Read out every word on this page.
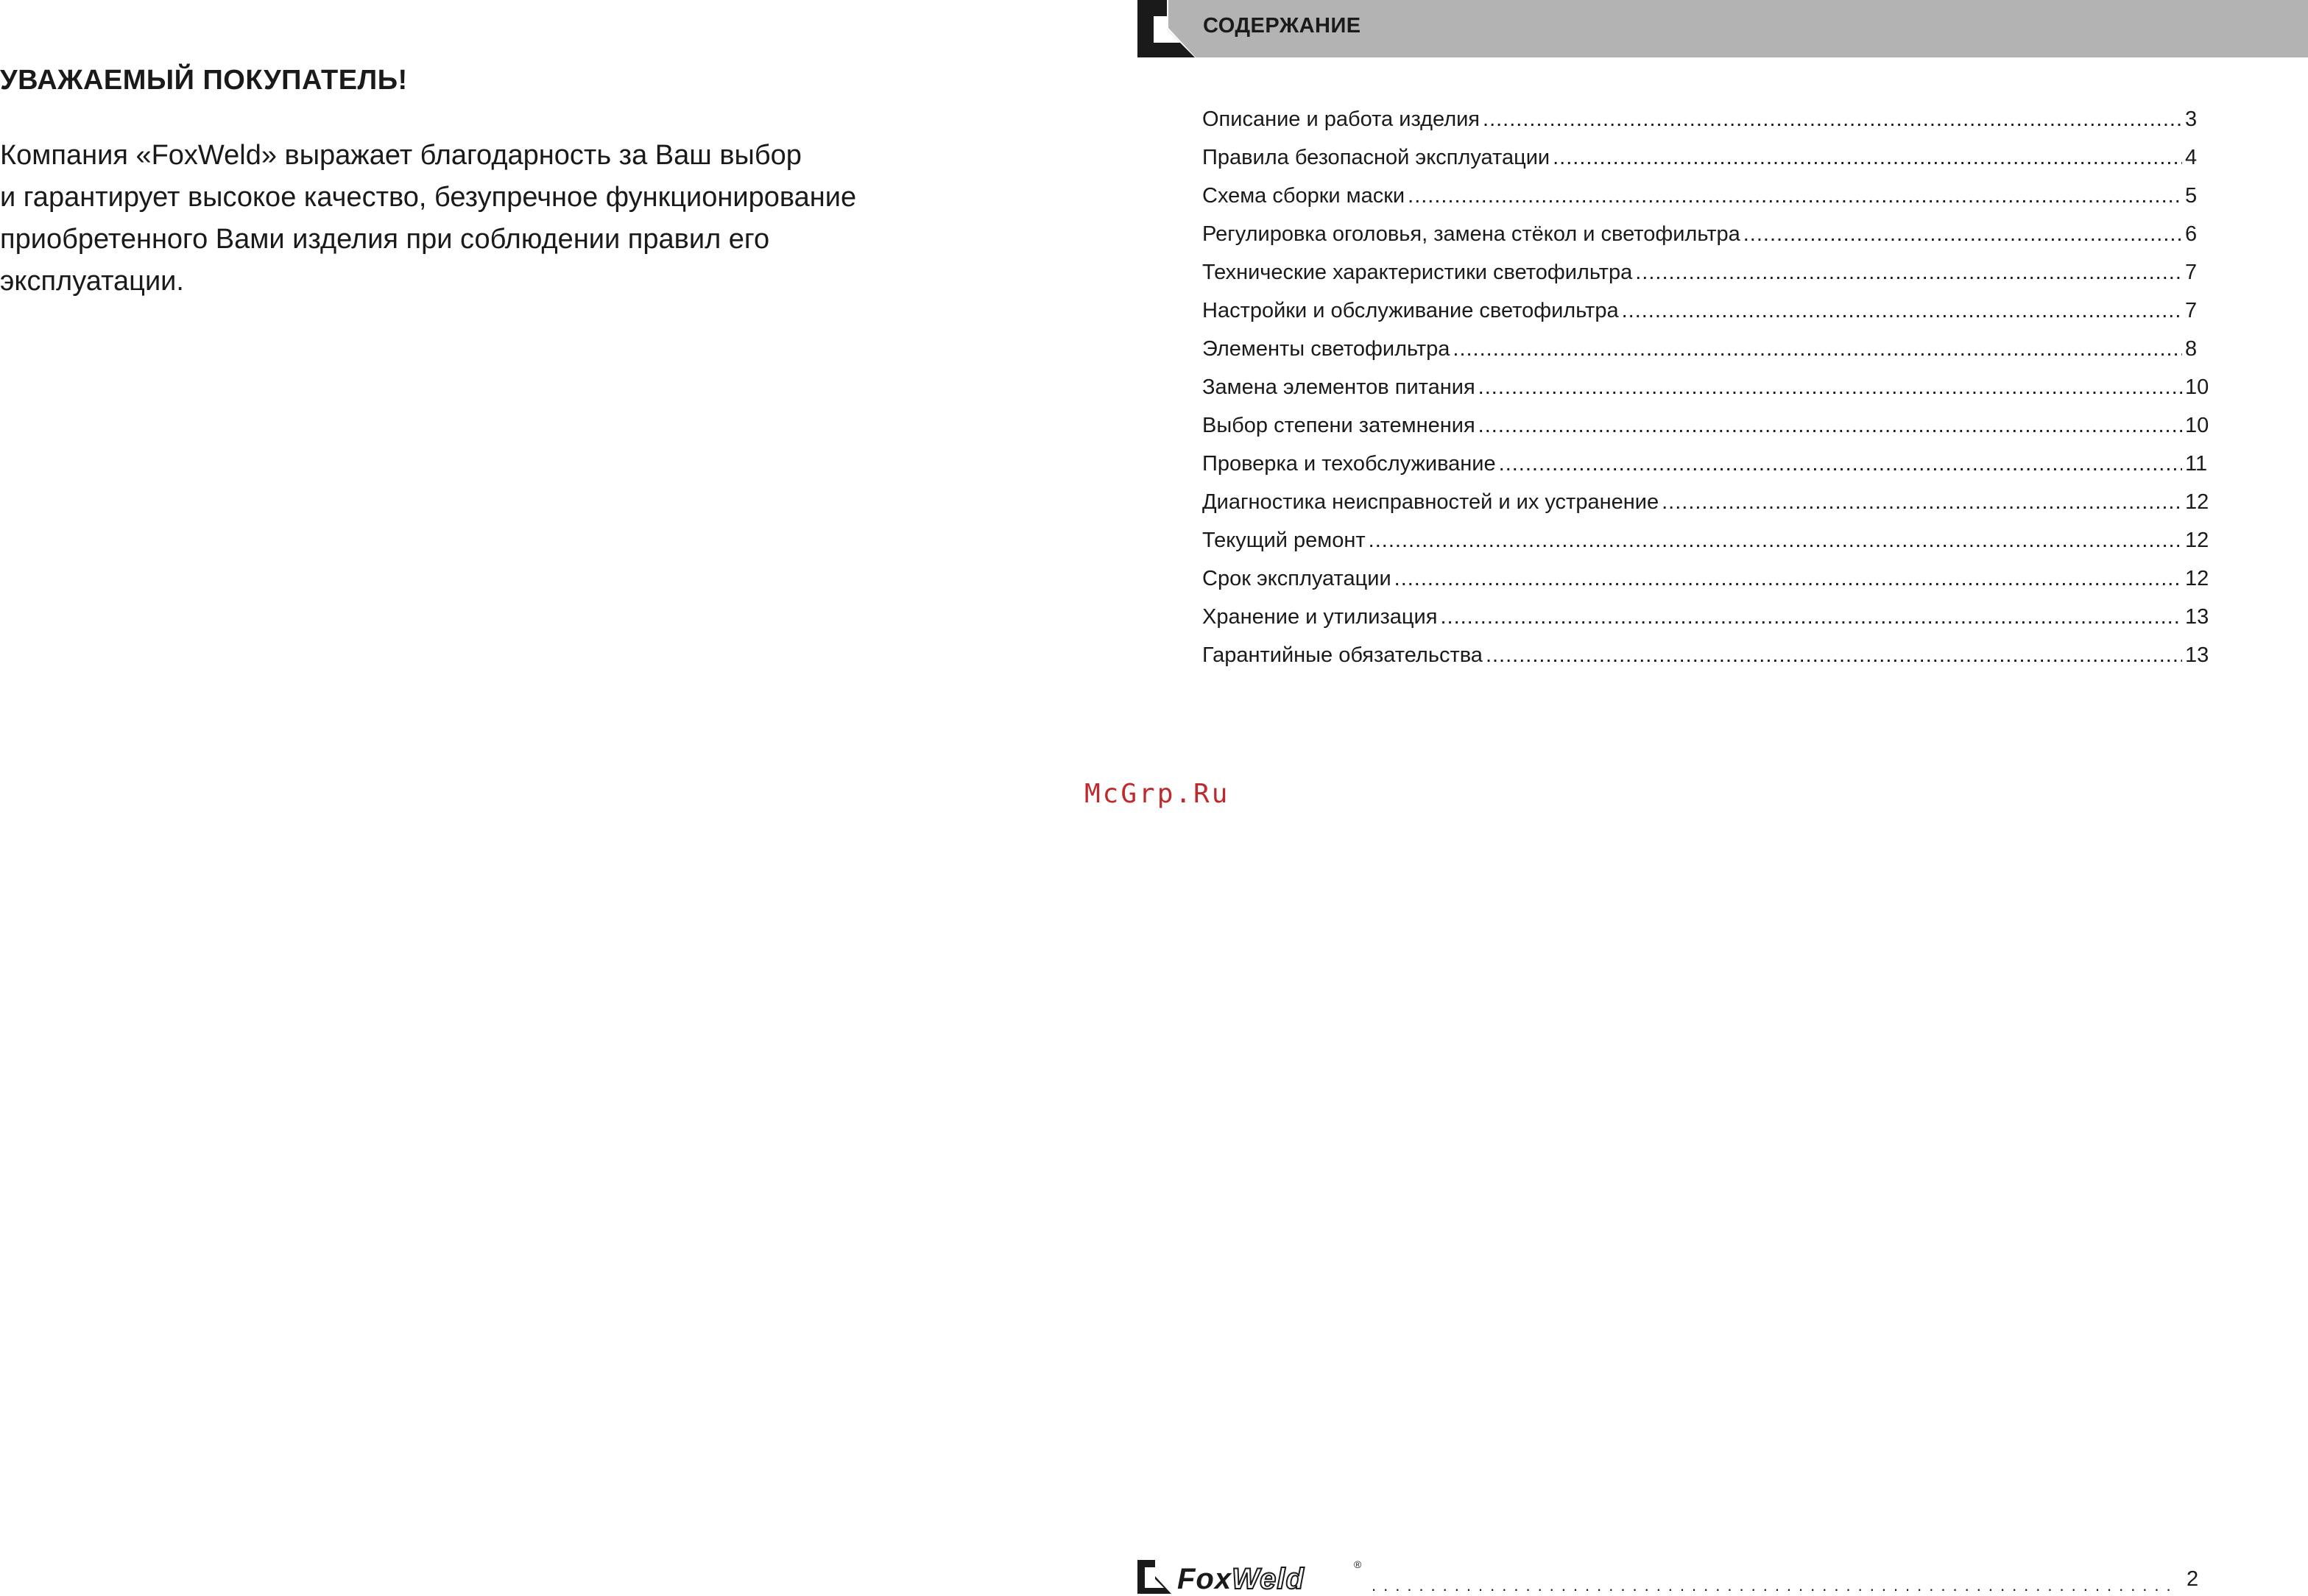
УВАЖАЕМЫЙ ПОКУПАТЕЛЬ!

Компания «FoxWeld» выражает благодарность за Ваш выбор
и гарантирует высокое качество, безупречное функционирование
приобретенного Вами изделия при соблюдении правил его
эксплуатации.

СОДЕРЖАНИЕ
Описание и работа изделия .....	3
Правила безопасной эксплуатации .....	4
Схема сборки маски .....	5
Регулировка оголовья, замена стёкол и светофильтра .....	6
Технические характеристики светофильтра .....	7
Настройки и обслуживание светофильтра .....	7
Элементы светофильтра .....	8
Замена элементов питания .....	10
Выбор степени затемнения .....	10
Проверка и техобслуживание .....	11
Диагностика неисправностей и их устранение .....	12
Текущий ремонт .....	12
Срок эксплуатации .....	12
Хранение и утилизация .....	13
Гарантийные обязательства .....	13
McGrp.Ru
FoxWeld	®
.....
2
